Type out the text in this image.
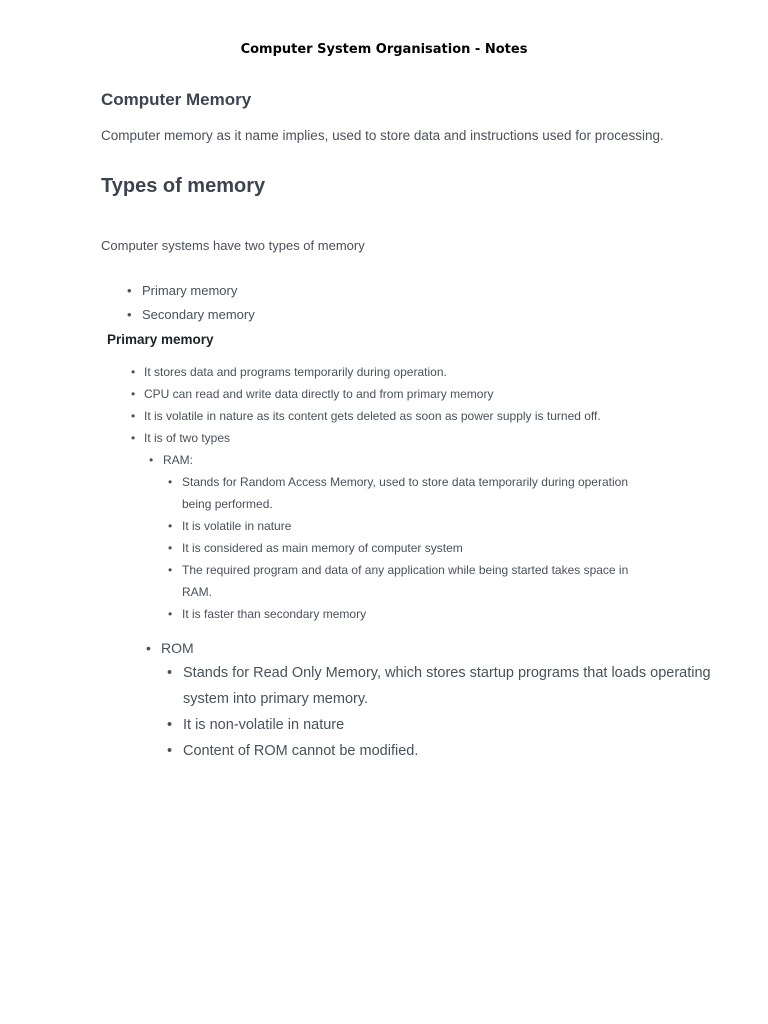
Computer System Organisation - Notes
Computer Memory

Computer memory as it name implies, used to store data and instructions used for processing.

Types of memory

Computer systems have two types of memory

• Primary memory
• Secondary memory
Primary memory
• It stores data and programs temporarily during operation.
• CPU can read and write data directly to and from primary memory
• It is volatile in nature as its content gets deleted as soon as power supply is turned off.
• It is of two types
• RAM:
• Stands for Random Access Memory, used to store data temporarily during operation
being performed.
• It is volatile in nature
• It is considered as main memory of computer system
• The required program and data of any application while being started takes space in
RAM.
• It is faster than secondary memory
• ROM
• Stands for Read Only Memory, which stores startup programs that loads operating
system into primary memory.
• It is non-volatile in nature
• Content of ROM cannot be modified.
